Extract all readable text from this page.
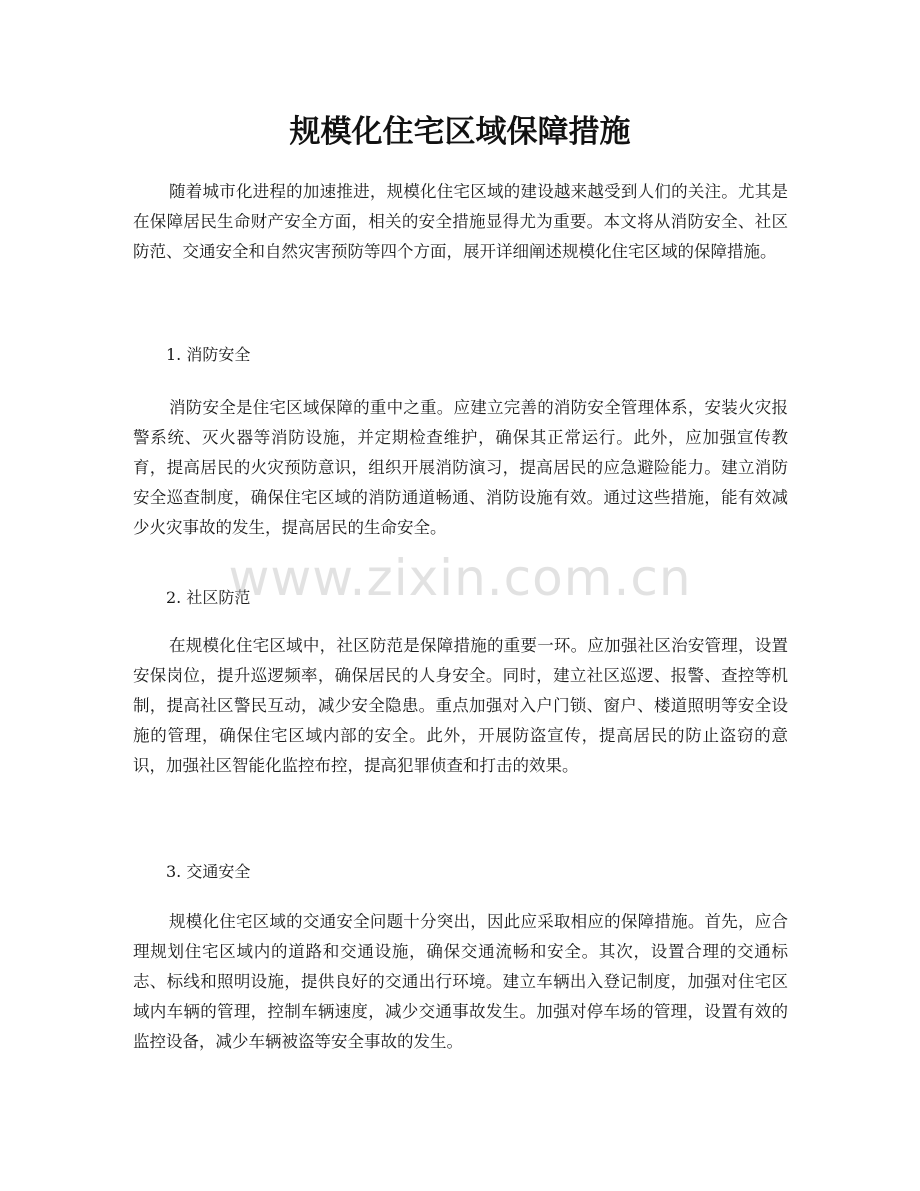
规模化住宅区域保障措施

随着城市化进程的加速推进，规模化住宅区域的建设越来越受到人们的关注。尤其是在保障居民生命财产安全方面，相关的安全措施显得尤为重要。本文将从消防安全、社区防范、交通安全和自然灾害预防等四个方面，展开详细阐述规模化住宅区域的保障措施。

1. 消防安全

消防安全是住宅区域保障的重中之重。应建立完善的消防安全管理体系，安装火灾报警系统、灭火器等消防设施，并定期检查维护，确保其正常运行。此外，应加强宣传教育，提高居民的火灾预防意识，组织开展消防演习，提高居民的应急避险能力。建立消防安全巡查制度，确保住宅区域的消防通道畅通、消防设施有效。通过这些措施，能有效减少火灾事故的发生，提高居民的生命安全。

2. 社区防范

在规模化住宅区域中，社区防范是保障措施的重要一环。应加强社区治安管理，设置安保岗位，提升巡逻频率，确保居民的人身安全。同时，建立社区巡逻、报警、查控等机制，提高社区警民互动，减少安全隐患。重点加强对入户门锁、窗户、楼道照明等安全设施的管理，确保住宅区域内部的安全。此外，开展防盗宣传，提高居民的防止盗窃的意识，加强社区智能化监控布控，提高犯罪侦查和打击的效果。

3. 交通安全

规模化住宅区域的交通安全问题十分突出，因此应采取相应的保障措施。首先，应合理规划住宅区域内的道路和交通设施，确保交通流畅和安全。其次，设置合理的交通标志、标线和照明设施，提供良好的交通出行环境。建立车辆出入登记制度，加强对住宅区域内车辆的管理，控制车辆速度，减少交通事故发生。加强对停车场的管理，设置有效的监控设备，减少车辆被盗等安全事故的发生。

www.zixin.com.cn
